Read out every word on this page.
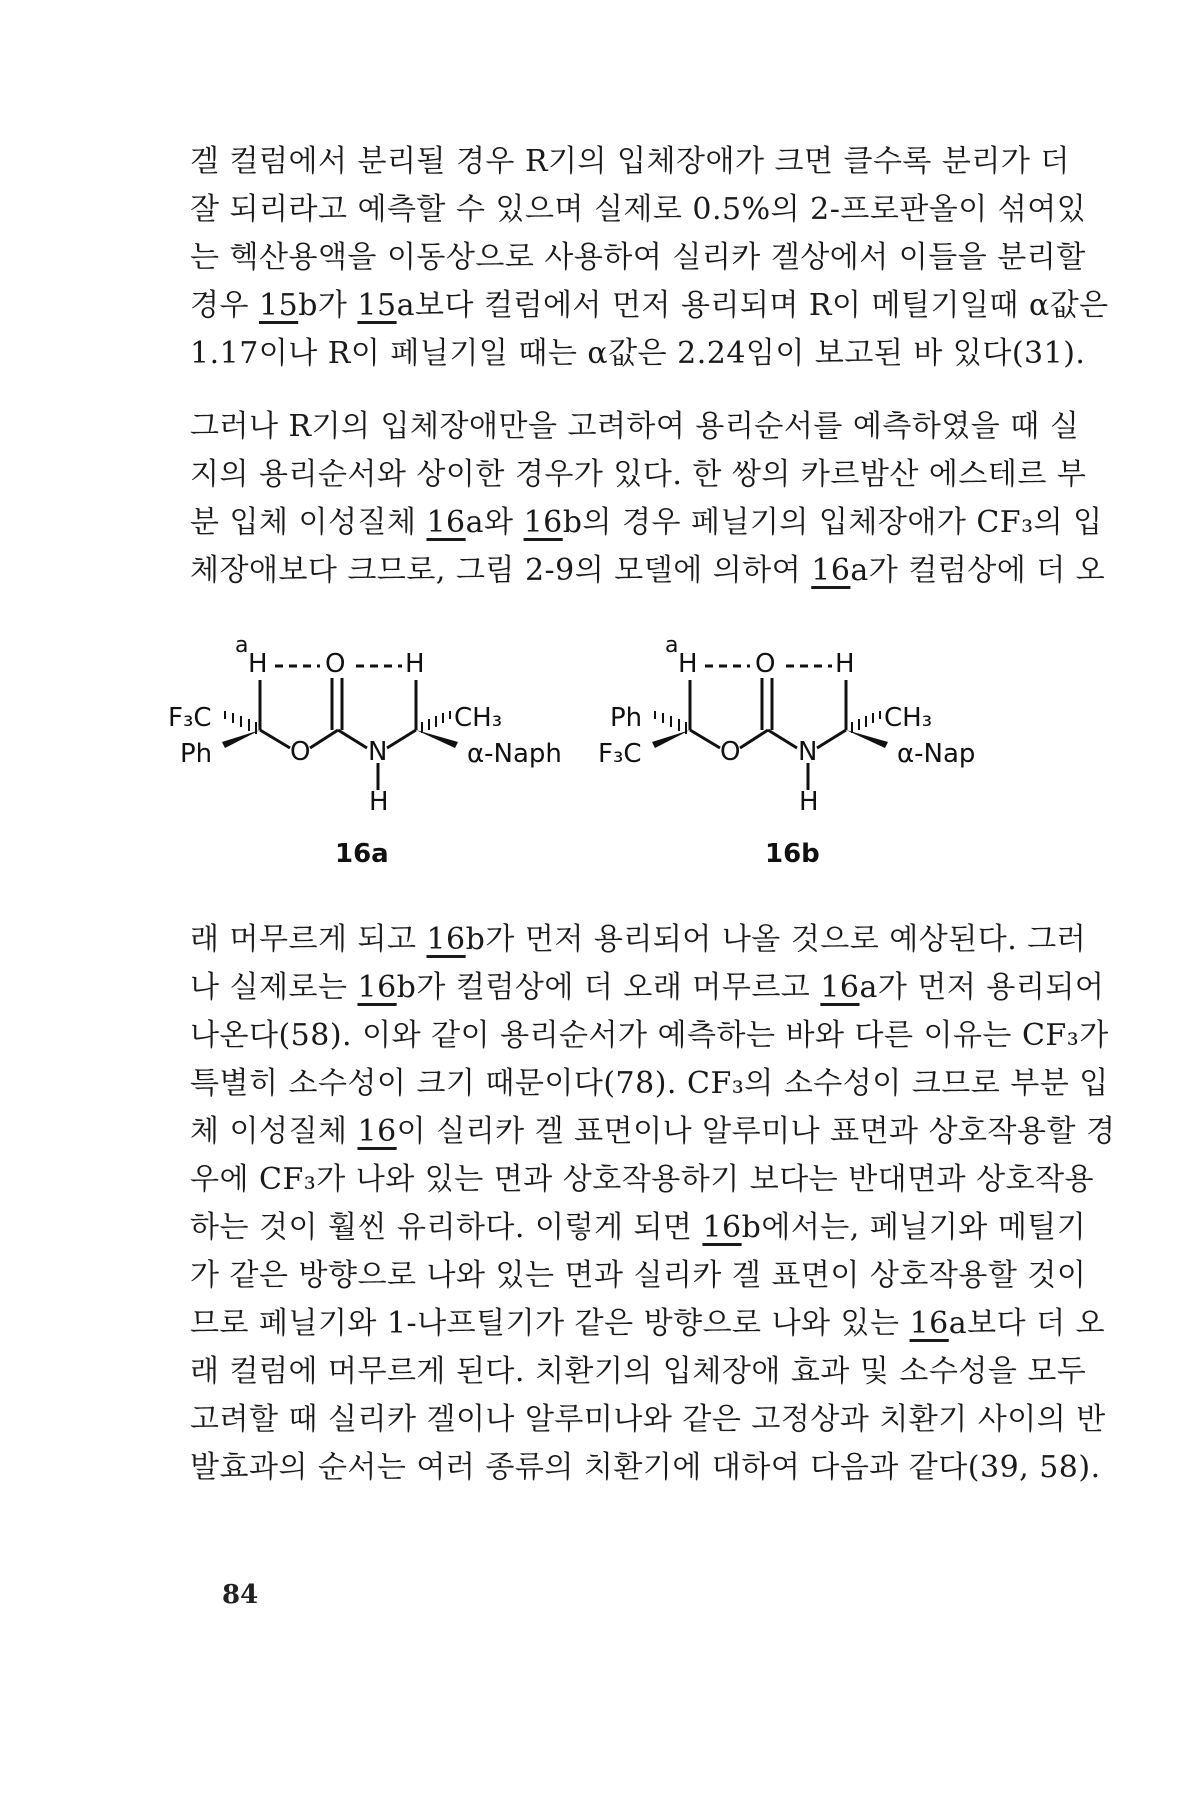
겔 컬럼에서 분리될 경우 R기의 입체장애가 크면 클수록 분리가 더
잘 되리라고 예측할 수 있으며 실제로 0.5%의 2-프로판올이 섞여있
는 헥산용액을 이동상으로 사용하여 실리카 겔상에서 이들을 분리할
경우 15b가 15a보다 컬럼에서 먼저 용리되며 R이 메틸기일때 α값은
1.17이나 R이 페닐기일 때는 α값은 2.24임이 보고된 바 있다(31).
그러나 R기의 입체장애만을 고려하여 용리순서를 예측하였을 때 실
지의 용리순서와 상이한 경우가 있다. 한 쌍의 카르밤산 에스테르 부
분 입체 이성질체 16a와 16b의 경우 페닐기의 입체장애가 CF₃의 입
체장애보다 크므로, 그림 2-9의 모델에 의하여 16a가 컬럼상에 더 오
a
H O H
F₃C
Ph	O N
H
CH₃
α-Naph
16a
a
H O H
Ph
F₃C	O N
H
CH₃
α-Nap
16b
래 머무르게 되고 16b가 먼저 용리되어 나올 것으로 예상된다. 그러
나 실제로는 16b가 컬럼상에 더 오래 머무르고 16a가 먼저 용리되어
나온다(58). 이와 같이 용리순서가 예측하는 바와 다른 이유는 CF₃가
특별히 소수성이 크기 때문이다(78). CF₃의 소수성이 크므로 부분 입
체 이성질체 16이 실리카 겔 표면이나 알루미나 표면과 상호작용할 경
우에 CF₃가 나와 있는 면과 상호작용하기 보다는 반대면과 상호작용
하는 것이 훨씬 유리하다. 이렇게 되면 16b에서는, 페닐기와 메틸기
가 같은 방향으로 나와 있는 면과 실리카 겔 표면이 상호작용할 것이
므로 페닐기와 1-나프틸기가 같은 방향으로 나와 있는 16a보다 더 오
래 컬럼에 머무르게 된다. 치환기의 입체장애 효과 및 소수성을 모두
고려할 때 실리카 겔이나 알루미나와 같은 고정상과 치환기 사이의 반
발효과의 순서는 여러 종류의 치환기에 대하여 다음과 같다(39, 58).
84
